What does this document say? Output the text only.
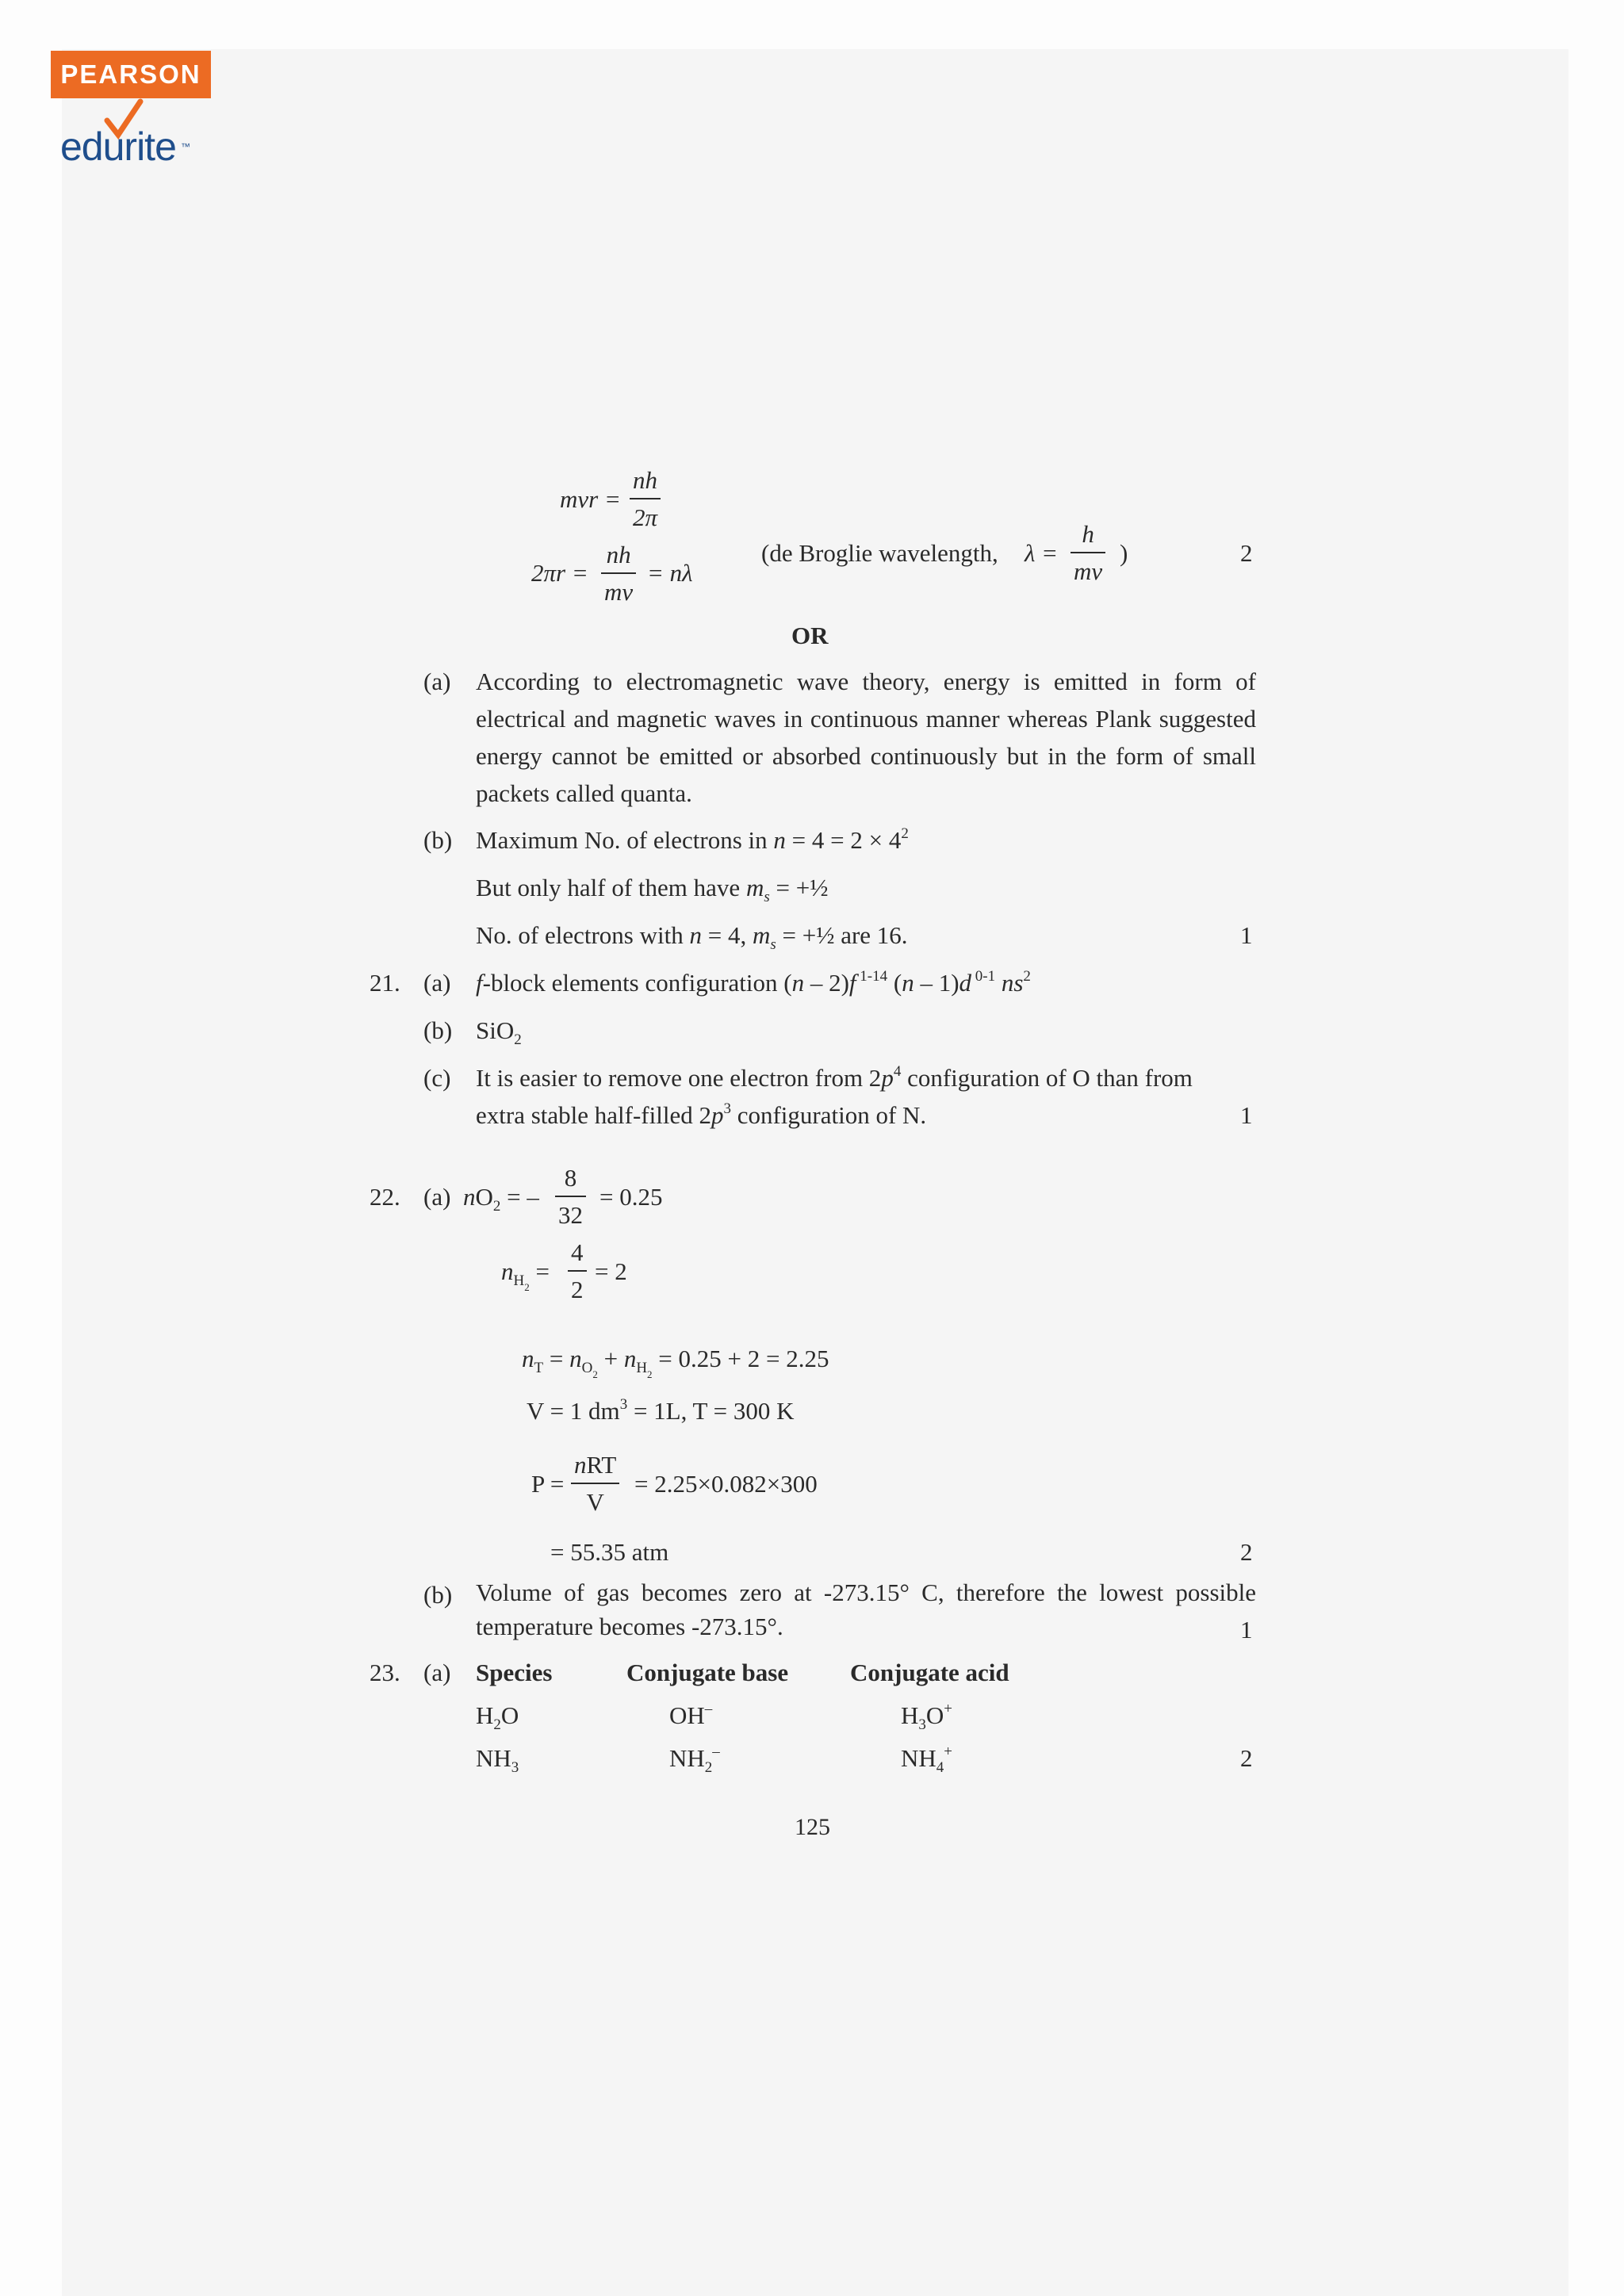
PEARSON
edurite ™
mvr =
nh
2π
2πr =
nh
mv
= nλ
(de Broglie wavelength, λ =
h
mv
)	2
OR
(a) According to electromagnetic wave theory, energy is emitted in form of electrical and magnetic waves in continuous manner whereas Plank suggested energy cannot be emitted or absorbed continuously but in the form of small packets called quanta.
(b) Maximum No. of electrons in $n = 4 = 2 \times 4^2$
But only half of them have $m_s$ = +½
No. of electrons with n = 4, $m_s$ = +½ are 16.	1
21. (a) f-block elements configuration (n – 2)f $^{1-14}$ (n – 1)d $^{0-1}$ $ns^2$
(b) SiO$_2$
(c) It is easier to remove one electron from $2p^4$ configuration of O than from
extra stable half-filled $2p^3$ configuration of N.	1
22. (a) $nO_2$ = –
8
32
= 0.25
$n_{H_2}$ =
4
2
= 2
$n_T = n_{O_2} + n_{H_2} = 0.25 + 2 = 2.25$
V = 1 $dm^3 = 1L$, T = 300 K
P =
nRT
V
= 2.25×0.082×300
= 55.35 atm	2
(b) Volume of gas becomes zero at -273.15° C, therefore the lowest possible temperature becomes -273.15°.	1
23. (a) Species	Conjugate base	Conjugate acid
$H_2O$	OH–	$H_3O^+$
$NH_3$	$NH_2^-$	$NH_4^+$	2
125
